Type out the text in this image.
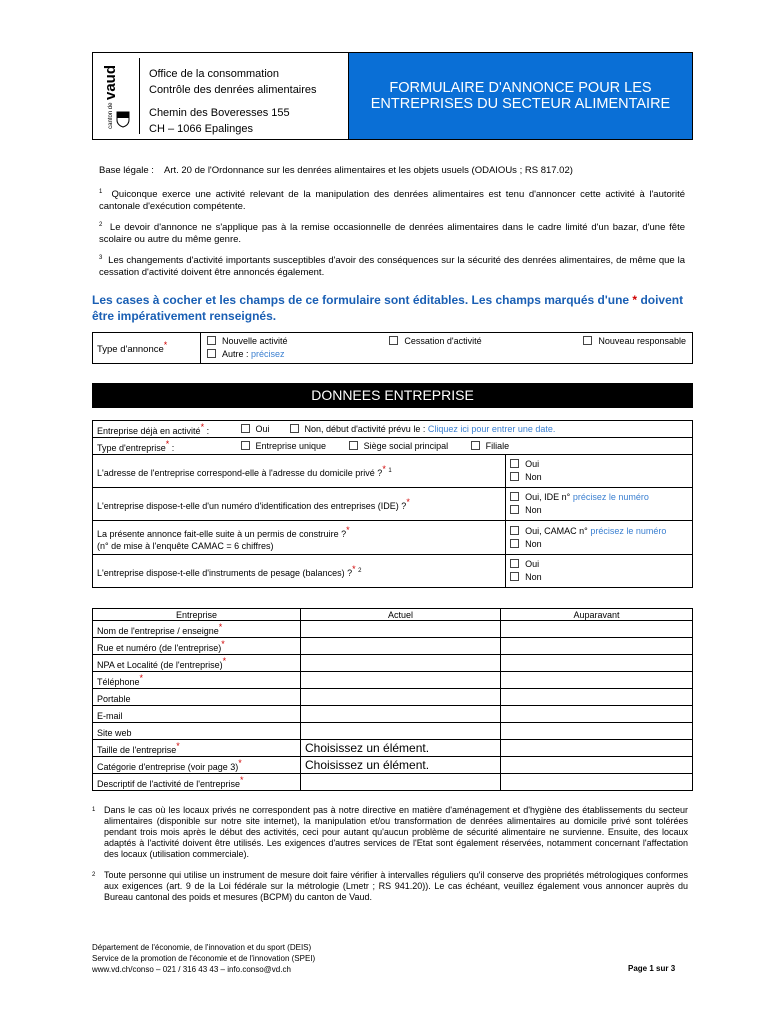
canton de vaud	Office de la consommation
Contrôle des denrées alimentaires
Chemin des Boveresses 155
CH – 1066 Epalinges
FORMULAIRE D'ANNONCE POUR LES
ENTREPRISES DU SECTEUR ALIMENTAIRE
Base légale : Art. 20 de l'Ordonnance sur les denrées alimentaires et les objets usuels (ODAIOUs ; RS 817.02)
$^1$ Quiconque exerce une activité relevant de la manipulation des denrées alimentaires est tenu d'annoncer cette activité à l'autorité cantonale d'exécution compétente.
$^2$ Le devoir d'annonce ne s'applique pas à la remise occasionnelle de denrées alimentaires dans le cadre limité d'un bazar, d'une fête scolaire ou autre du même genre.
$^3$ Les changements d'activité importants susceptibles d'avoir des conséquences sur la sécurité des denrées alimentaires, de même que la cessation d'activité doivent être annoncés également.
Les cases à cocher et les champs de ce formulaire sont éditables. Les champs marqués d'une * doivent être impérativement renseignés.
Type d'annonce*	Nouvelle activité	Cessation d'activité	Nouveau responsable
Autre : précisez
DONNEES ENTREPRISE
Entreprise déjà en activité* :	Oui Non, début d'activité prévu le : Cliquez ici pour entrer une date.	
Type d'entreprise* :	Entreprise unique Siège social principal Filiale	
L'adresse de l'entreprise correspond-elle à l'adresse du domicile privé ?* $^1$		Oui
Non
L'entreprise dispose-t-elle d'un numéro d'identification des entreprises (IDE) ?*		Oui, IDE n° précisez le numéro
Non
La présente annonce fait-elle suite à un permis de construire ?*
(n° de mise à l'enquête CAMAC = 6 chiffres)		Oui, CAMAC n° précisez le numéro
Non
L'entreprise dispose-t-elle d'instruments de pesage (balances) ?* $^2$		Oui
Non
Entreprise	Actuel	Auparavant
Nom de l'entreprise / enseigne*		
Rue et numéro (de l'entreprise)*		
NPA et Localité (de l'entreprise)*		
Téléphone*		
Portable		
E-mail		
Site web		
Taille de l'entreprise*	Choisissez un élément.	
Catégorie d'entreprise (voir page 3)*	Choisissez un élément.	
Descriptif de l'activité de l'entreprise*		
1 Dans le cas où les locaux privés ne correspondent pas à notre directive en matière d'aménagement et d'hygiène des établissements du secteur alimentaires (disponible sur notre site internet), la manipulation et/ou transformation de denrées alimentaires au domicile privé sont tolérées pendant trois mois après le début des activités, ceci pour autant qu'aucun problème de sécurité alimentaire ne survienne. Ensuite, des locaux adaptés à l'activité doivent être utilisés. Les exigences d'autres services de l'Etat sont également réservées, notamment concernant l'affectation des locaux (utilisation commerciale).
2 Toute personne qui utilise un instrument de mesure doit faire vérifier à intervalles réguliers qu'il conserve des propriétés métrologiques conformes aux exigences (art. 9 de la Loi fédérale sur la métrologie (Lmetr ; RS 941.20)). Le cas échéant, veuillez également vous annoncer auprès du Bureau cantonal des poids et mesures (BCPM) du canton de Vaud.
Département de l'économie, de l'innovation et du sport (DEIS)
Service de la promotion de l'économie et de l'innovation (SPEI)
www.vd.ch/conso – 021 / 316 43 43 – info.conso@vd.ch	Page 1 sur 3
